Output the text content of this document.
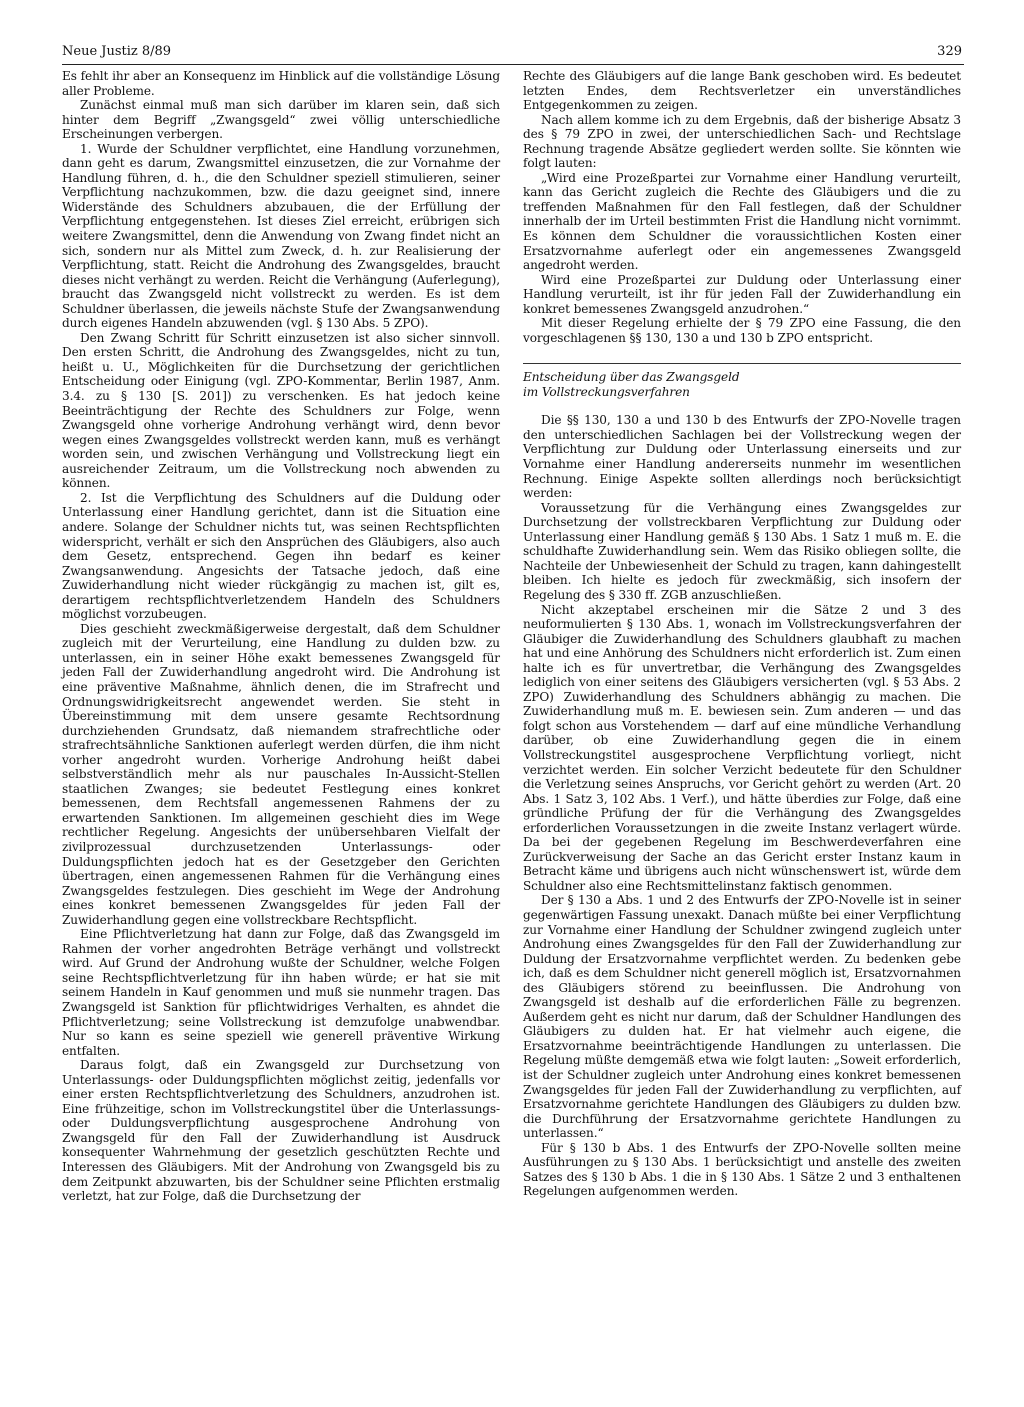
Neue Justiz 8/89	329

Es fehlt ihr aber an Konsequenz im Hinblick auf die vollständige Lösung aller Probleme.

Zunächst einmal muß man sich darüber im klaren sein, daß sich hinter dem Begriff „Zwangsgeld“ zwei völlig unterschiedliche Erscheinungen verbergen.

1. Wurde der Schuldner verpflichtet, eine Handlung vorzunehmen, dann geht es darum, Zwangsmittel einzusetzen, die zur Vornahme der Handlung führen, d. h., die den Schuldner speziell stimulieren, seiner Verpflichtung nachzukommen, bzw. die dazu geeignet sind, innere Widerstände des Schuldners abzubauen, die der Erfüllung der Verpflichtung entgegenstehen. Ist dieses Ziel erreicht, erübrigen sich weitere Zwangsmittel, denn die Anwendung von Zwang findet nicht an sich, sondern nur als Mittel zum Zweck, d. h. zur Realisierung der Verpflichtung, statt. Reicht die Androhung des Zwangsgeldes, braucht dieses nicht verhängt zu werden. Reicht die Verhängung (Auferlegung), braucht das Zwangsgeld nicht vollstreckt zu werden. Es ist dem Schuldner überlassen, die jeweils nächste Stufe der Zwangsanwendung durch eigenes Handeln abzuwenden (vgl. § 130 Abs. 5 ZPO).

Den Zwang Schritt für Schritt einzusetzen ist also sicher sinnvoll. Den ersten Schritt, die Androhung des Zwangsgeldes, nicht zu tun, heißt u. U., Möglichkeiten für die Durchsetzung der gerichtlichen Entscheidung oder Einigung (vgl. ZPO-Kommentar, Berlin 1987, Anm. 3.4. zu § 130 [S. 201]) zu verschenken. Es hat jedoch keine Beeinträchtigung der Rechte des Schuldners zur Folge, wenn Zwangsgeld ohne vorherige Androhung verhängt wird, denn bevor wegen eines Zwangsgeldes vollstreckt werden kann, muß es verhängt worden sein, und zwischen Verhängung und Vollstreckung liegt ein ausreichender Zeitraum, um die Vollstreckung noch abwenden zu können.

2. Ist die Verpflichtung des Schuldners auf die Duldung oder Unterlassung einer Handlung gerichtet, dann ist die Situation eine andere. Solange der Schuldner nichts tut, was seinen Rechtspflichten widerspricht, verhält er sich den Ansprüchen des Gläubigers, also auch dem Gesetz, entsprechend. Gegen ihn bedarf es keiner Zwangsanwendung. Angesichts der Tatsache jedoch, daß eine Zuwiderhandlung nicht wieder rückgängig zu machen ist, gilt es, derartigem rechtspflichtverletzendem Handeln des Schuldners möglichst vorzubeugen.

Dies geschieht zweckmäßigerweise dergestalt, daß dem Schuldner zugleich mit der Verurteilung, eine Handlung zu dulden bzw. zu unterlassen, ein in seiner Höhe exakt bemessenes Zwangsgeld für jeden Fall der Zuwiderhandlung angedroht wird. Die Androhung ist eine präventive Maßnahme, ähnlich denen, die im Strafrecht und Ordnungswidrigkeitsrecht angewendet werden. Sie steht in Übereinstimmung mit dem unsere gesamte Rechtsordnung durchziehenden Grundsatz, daß niemandem strafrechtliche oder strafrechtsähnliche Sanktionen auferlegt werden dürfen, die ihm nicht vorher angedroht wurden. Vorherige Androhung heißt dabei selbstverständlich mehr als nur pauschales In-Aussicht-Stellen staatlichen Zwanges; sie bedeutet Festlegung eines konkret bemessenen, dem Rechtsfall angemessenen Rahmens der zu erwartenden Sanktionen. Im allgemeinen geschieht dies im Wege rechtlicher Regelung. Angesichts der unübersehbaren Vielfalt der zivilprozessual durchzusetzenden Unterlassungs- oder Duldungspflichten jedoch hat es der Gesetzgeber den Gerichten übertragen, einen angemessenen Rahmen für die Verhängung eines Zwangsgeldes festzulegen. Dies geschieht im Wege der Androhung eines konkret bemessenen Zwangsgeldes für jeden Fall der Zuwiderhandlung gegen eine vollstreckbare Rechtspflicht.

Eine Pflichtverletzung hat dann zur Folge, daß das Zwangsgeld im Rahmen der vorher angedrohten Beträge verhängt und vollstreckt wird. Auf Grund der Androhung wußte der Schuldner, welche Folgen seine Rechtspflichtverletzung für ihn haben würde; er hat sie mit seinem Handeln in Kauf genommen und muß sie nunmehr tragen. Das Zwangsgeld ist Sanktion für pflichtwidriges Verhalten, es ahndet die Pflichtverletzung; seine Vollstreckung ist demzufolge unabwendbar. Nur so kann es seine speziell wie generell präventive Wirkung entfalten.

Daraus folgt, daß ein Zwangsgeld zur Durchsetzung von Unterlassungs- oder Duldungspflichten möglichst zeitig, jedenfalls vor einer ersten Rechtspflichtverletzung des Schuldners, anzudrohen ist. Eine frühzeitige, schon im Vollstreckungstitel über die Unterlassungs- oder Duldungsverpflichtung ausgesprochene Androhung von Zwangsgeld für den Fall der Zuwiderhandlung ist Ausdruck konsequenter Wahrnehmung der gesetzlich geschützten Rechte und Interessen des Gläubigers. Mit der Androhung von Zwangsgeld bis zu dem Zeitpunkt abzuwarten, bis der Schuldner seine Pflichten erstmalig verletzt, hat zur Folge, daß die Durchsetzung der

Rechte des Gläubigers auf die lange Bank geschoben wird. Es bedeutet letzten Endes, dem Rechtsverletzer ein unverständliches Entgegenkommen zu zeigen.

Nach allem komme ich zu dem Ergebnis, daß der bisherige Absatz 3 des § 79 ZPO in zwei, der unterschiedlichen Sach- und Rechtslage Rechnung tragende Absätze gegliedert werden sollte. Sie könnten wie folgt lauten:

„Wird eine Prozeßpartei zur Vornahme einer Handlung verurteilt, kann das Gericht zugleich die Rechte des Gläubigers und die zu treffenden Maßnahmen für den Fall festlegen, daß der Schuldner innerhalb der im Urteil bestimmten Frist die Handlung nicht vornimmt. Es können dem Schuldner die voraussichtlichen Kosten einer Ersatzvornahme auferlegt oder ein angemessenes Zwangsgeld angedroht werden.

Wird eine Prozeßpartei zur Duldung oder Unterlassung einer Handlung verurteilt, ist ihr für jeden Fall der Zuwiderhandlung ein konkret bemessenes Zwangsgeld anzudrohen.“

Mit dieser Regelung erhielte der § 79 ZPO eine Fassung, die den vorgeschlagenen §§ 130, 130 a und 130 b ZPO entspricht.

Entscheidung über das Zwangsgeld
im Vollstreckungsverfahren

Die §§ 130, 130 a und 130 b des Entwurfs der ZPO-Novelle tragen den unterschiedlichen Sachlagen bei der Vollstreckung wegen der Verpflichtung zur Duldung oder Unterlassung einerseits und zur Vornahme einer Handlung andererseits nunmehr im wesentlichen Rechnung. Einige Aspekte sollten allerdings noch berücksichtigt werden:

Voraussetzung für die Verhängung eines Zwangsgeldes zur Durchsetzung der vollstreckbaren Verpflichtung zur Duldung oder Unterlassung einer Handlung gemäß § 130 Abs. 1 Satz 1 muß m. E. die schuldhafte Zuwiderhandlung sein. Wem das Risiko obliegen sollte, die Nachteile der Unbewiesenheit der Schuld zu tragen, kann dahingestellt bleiben. Ich hielte es jedoch für zweckmäßig, sich insofern der Regelung des § 330 ff. ZGB anzuschließen.

Nicht akzeptabel erscheinen mir die Sätze 2 und 3 des neuformulierten § 130 Abs. 1, wonach im Vollstreckungsverfahren der Gläubiger die Zuwiderhandlung des Schuldners glaubhaft zu machen hat und eine Anhörung des Schuldners nicht erforderlich ist. Zum einen halte ich es für unvertretbar, die Verhängung des Zwangsgeldes lediglich von einer seitens des Gläubigers versicherten (vgl. § 53 Abs. 2 ZPO) Zuwiderhandlung des Schuldners abhängig zu machen. Die Zuwiderhandlung muß m. E. bewiesen sein. Zum anderen — und das folgt schon aus Vorstehendem — darf auf eine mündliche Verhandlung darüber, ob eine Zuwiderhandlung gegen die in einem Vollstreckungstitel ausgesprochene Verpflichtung vorliegt, nicht verzichtet werden. Ein solcher Verzicht bedeutete für den Schuldner die Verletzung seines Anspruchs, vor Gericht gehört zu werden (Art. 20 Abs. 1 Satz 3, 102 Abs. 1 Verf.), und hätte überdies zur Folge, daß eine gründliche Prüfung der für die Verhängung des Zwangsgeldes erforderlichen Voraussetzungen in die zweite Instanz verlagert würde. Da bei der gegebenen Regelung im Beschwerdeverfahren eine Zurückverweisung der Sache an das Gericht erster Instanz kaum in Betracht käme und übrigens auch nicht wünschenswert ist, würde dem Schuldner also eine Rechtsmittelinstanz faktisch genommen.

Der § 130 a Abs. 1 und 2 des Entwurfs der ZPO-Novelle ist in seiner gegenwärtigen Fassung unexakt. Danach müßte bei einer Verpflichtung zur Vornahme einer Handlung der Schuldner zwingend zugleich unter Androhung eines Zwangsgeldes für den Fall der Zuwiderhandlung zur Duldung der Ersatzvornahme verpflichtet werden. Zu bedenken gebe ich, daß es dem Schuldner nicht generell möglich ist, Ersatzvornahmen des Gläubigers störend zu beeinflussen. Die Androhung von Zwangsgeld ist deshalb auf die erforderlichen Fälle zu begrenzen. Außerdem geht es nicht nur darum, daß der Schuldner Handlungen des Gläubigers zu dulden hat. Er hat vielmehr auch eigene, die Ersatzvornahme beeinträchtigende Handlungen zu unterlassen. Die Regelung müßte demgemäß etwa wie folgt lauten: „Soweit erforderlich, ist der Schuldner zugleich unter Androhung eines konkret bemessenen Zwangsgeldes für jeden Fall der Zuwiderhandlung zu verpflichten, auf Ersatzvornahme gerichtete Handlungen des Gläubigers zu dulden bzw. die Durchführung der Ersatzvornahme gerichtete Handlungen zu unterlassen.“

Für § 130 b Abs. 1 des Entwurfs der ZPO-Novelle sollten meine Ausführungen zu § 130 Abs. 1 berücksichtigt und anstelle des zweiten Satzes des § 130 b Abs. 1 die in § 130 Abs. 1 Sätze 2 und 3 enthaltenen Regelungen aufgenommen werden.
